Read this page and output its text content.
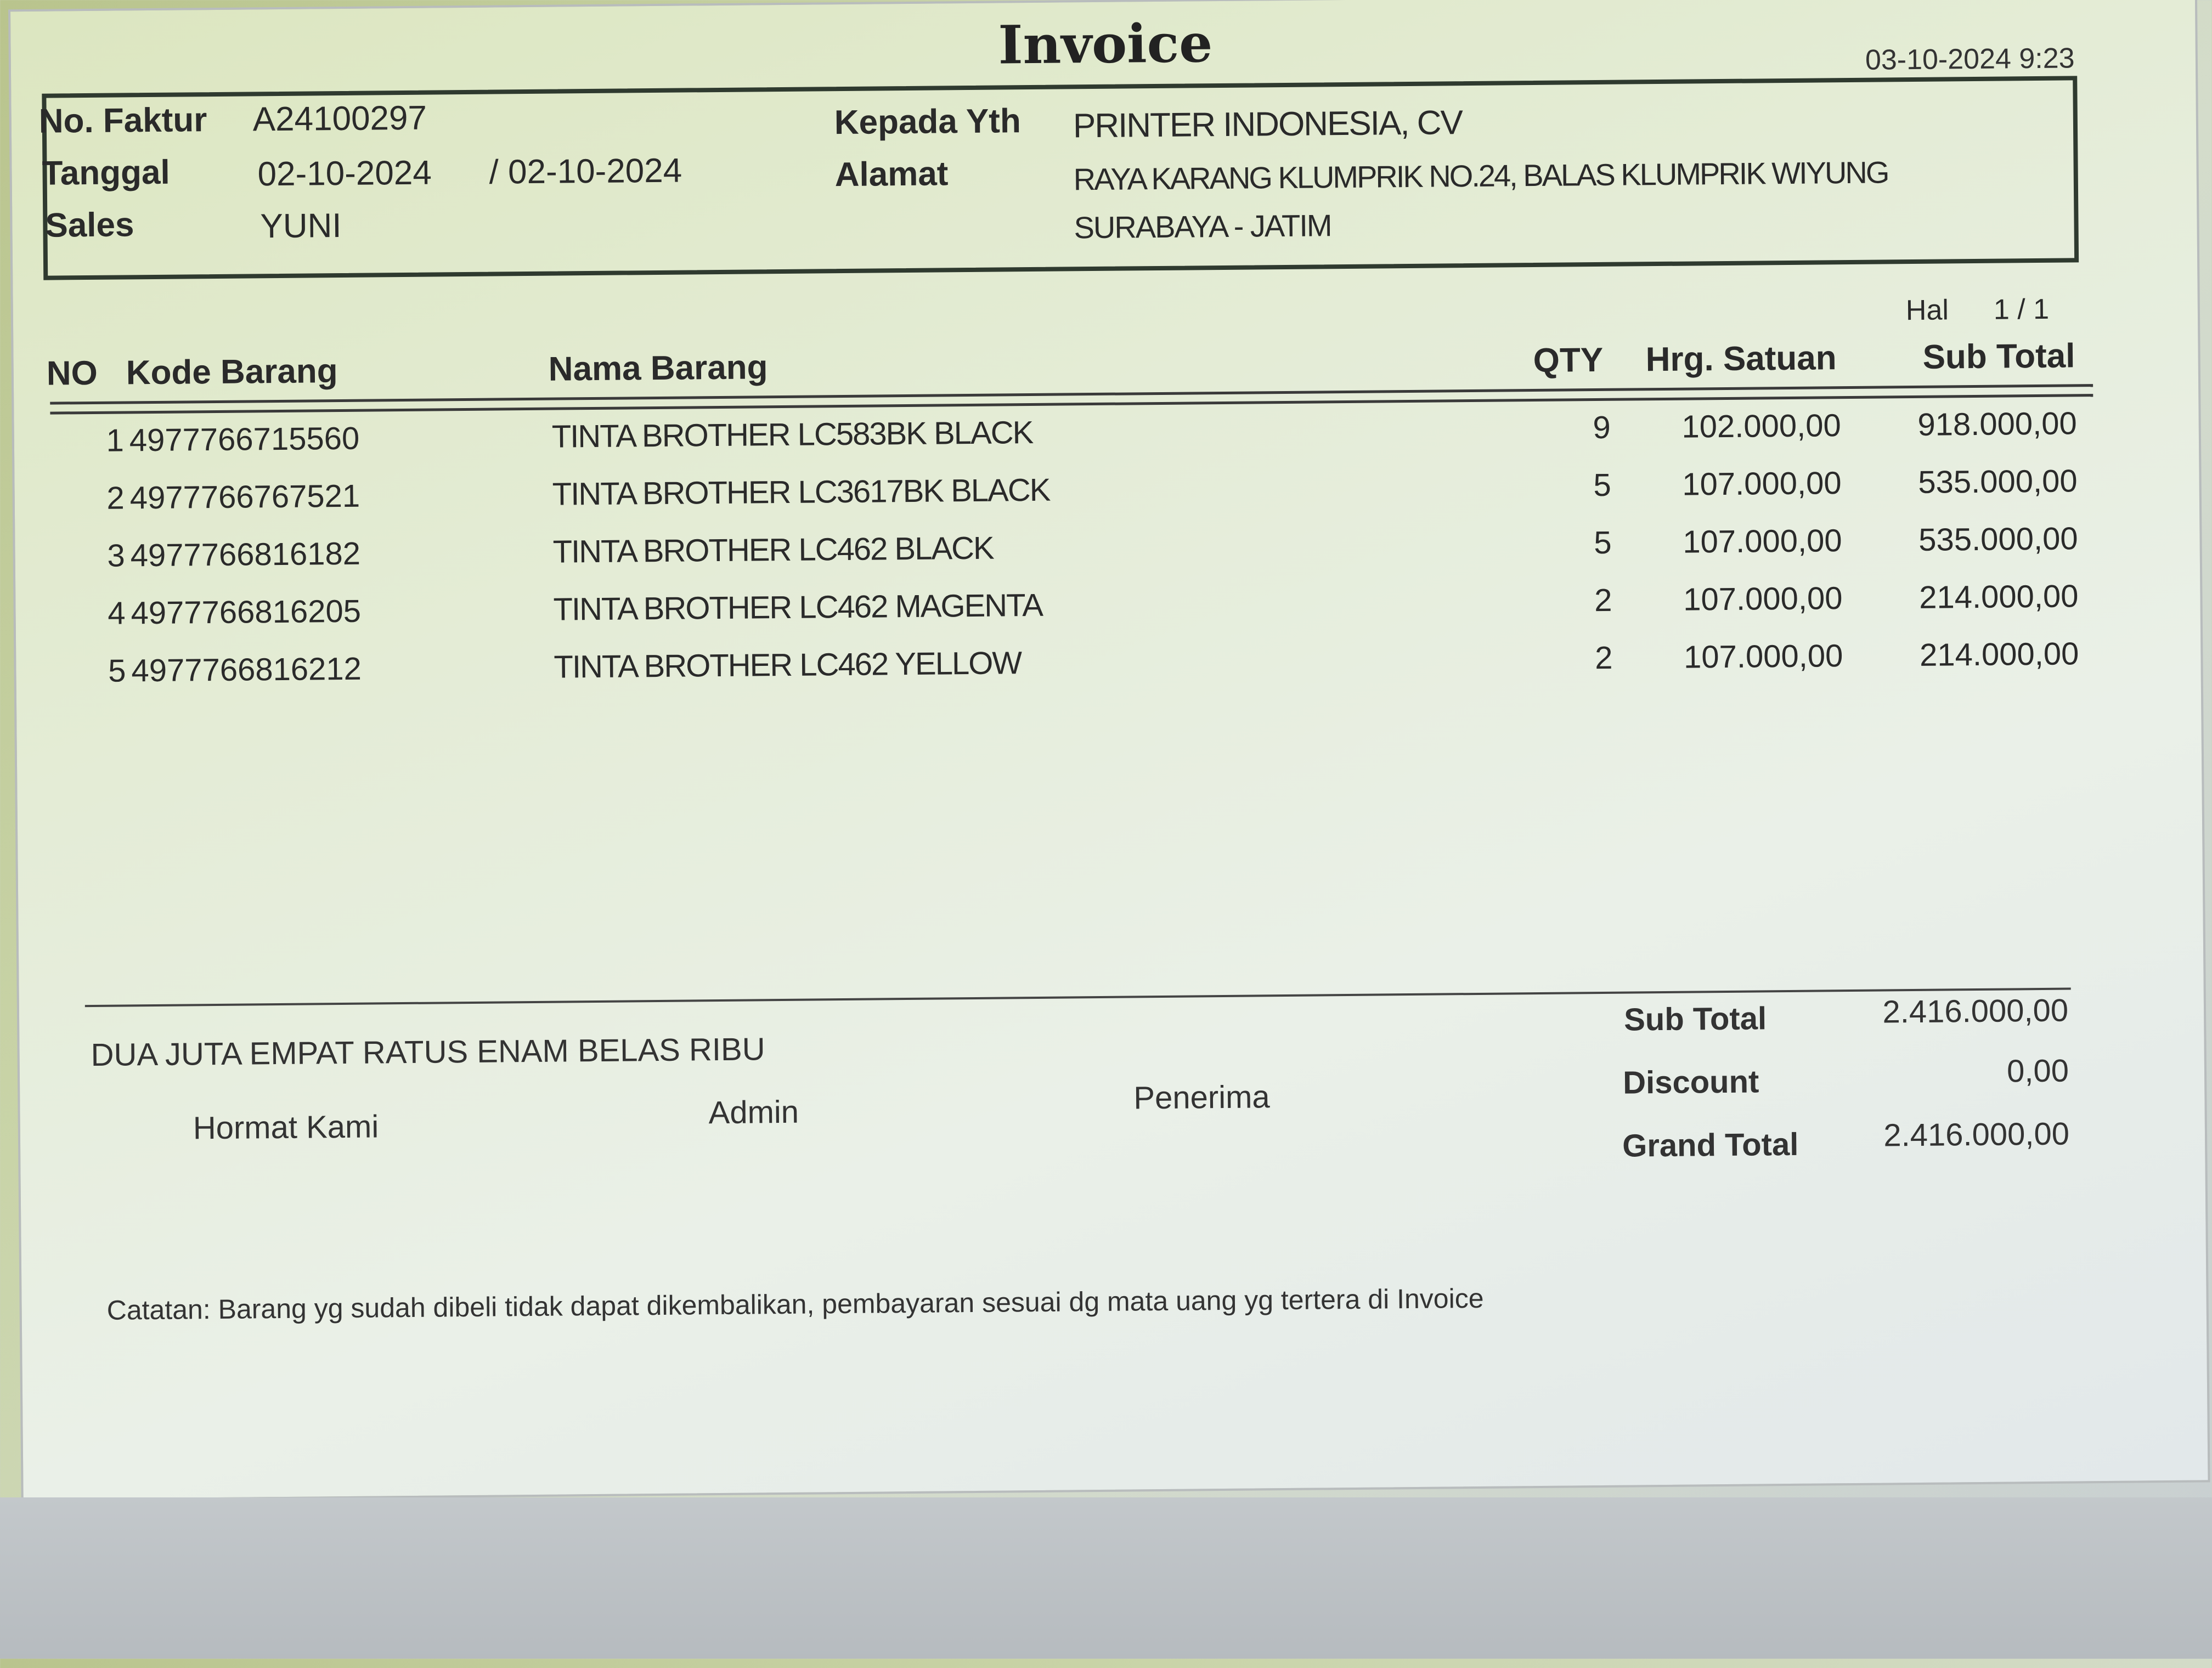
Invoice	03-10-2024 9:23
No. Faktur A24100297
Tanggal	02-10-2024 / 02-10-2024
Sales	YUNI
Kepada Yth PRINTER INDONESIA, CV
Alamat	RAYA KARANG KLUMPRIK NO.24, BALAS KLUMPRIK WIYUNG
SURABAYA - JATIM
Hal 1 / 1
NO Kode Barang	Nama Barang	QTY Hrg. Satuan	Sub Total
1 4977766715560	TINTA BROTHER LC583BK BLACK	9	102.000,00	918.000,00
2 4977766767521	TINTA BROTHER LC3617BK BLACK	5	107.000,00	535.000,00
3 4977766816182	TINTA BROTHER LC462 BLACK	5	107.000,00	535.000,00
4 4977766816205	TINTA BROTHER LC462 MAGENTA	2	107.000,00	214.000,00
5 4977766816212	TINTA BROTHER LC462 YELLOW	2	107.000,00	214.000,00
DUA JUTA EMPAT RATUS ENAM BELAS RIBU
Hormat Kami	Admin	Penerima
Sub Total	2.416.000,00
Discount	0,00
Grand Total	2.416.000,00
Catatan: Barang yg sudah dibeli tidak dapat dikembalikan, pembayaran sesuai dg mata uang yg tertera di Invoice
